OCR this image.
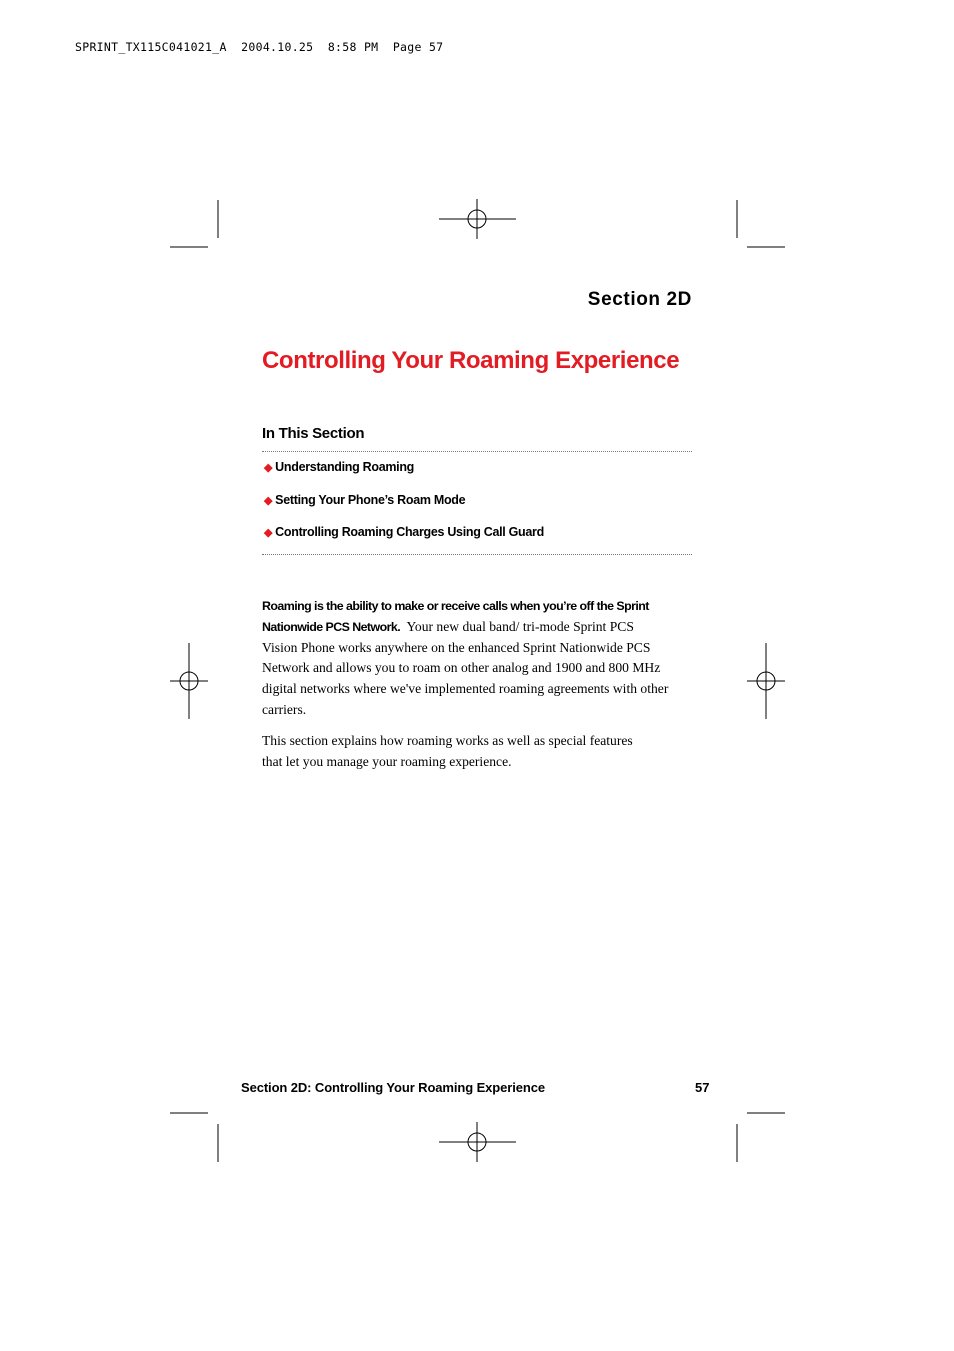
SPRINT_TX115C041021_A  2004.10.25  8:58 PM  Page 57
Section 2D
Controlling Your Roaming Experience
In This Section
◆ Understanding Roaming
◆ Setting Your Phone’s Roam Mode
◆ Controlling Roaming Charges Using Call Guard
Roaming is the ability to make or receive calls when you’re off the Sprint
Nationwide PCS Network. Your new dual band/ tri-mode Sprint PCS Vision Phone works anywhere on the enhanced Sprint Nationwide PCS Network and allows you to roam on other analog and 1900 and 800 MHz digital networks where we've implemented roaming agreements with other carriers.
This section explains how roaming works as well as special features that let you manage your roaming experience.
Section 2D: Controlling Your Roaming Experience	57
